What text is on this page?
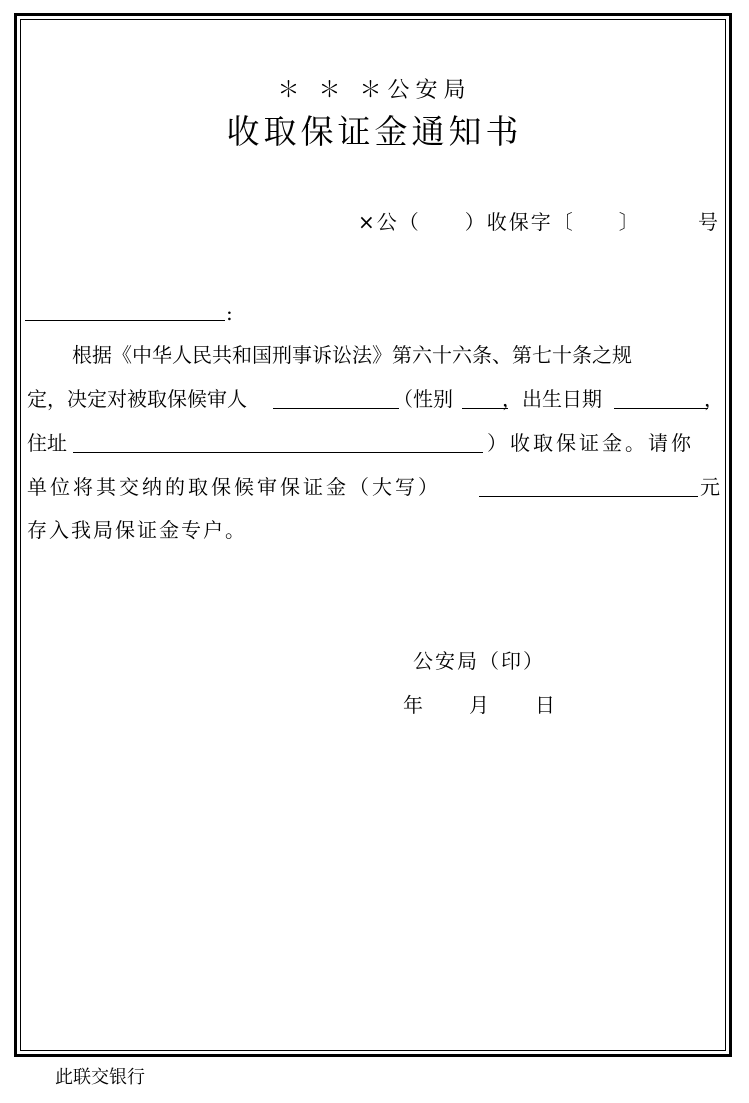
＊ ＊ ＊公安局
收取保证金通知书
×公（　　）收保字〔　　〕	号
:
根据《中华人民共和国刑事诉讼法》第六十六条、第七十条之规
定，决定对被取保候审人	（性别 ，出生日期	，
住址	）收取保证金。请你
单位将其交纳的取保候审保证金（大写）	元
存入我局保证金专户。
公安局（印）
年　　月　　日
此联交银行
